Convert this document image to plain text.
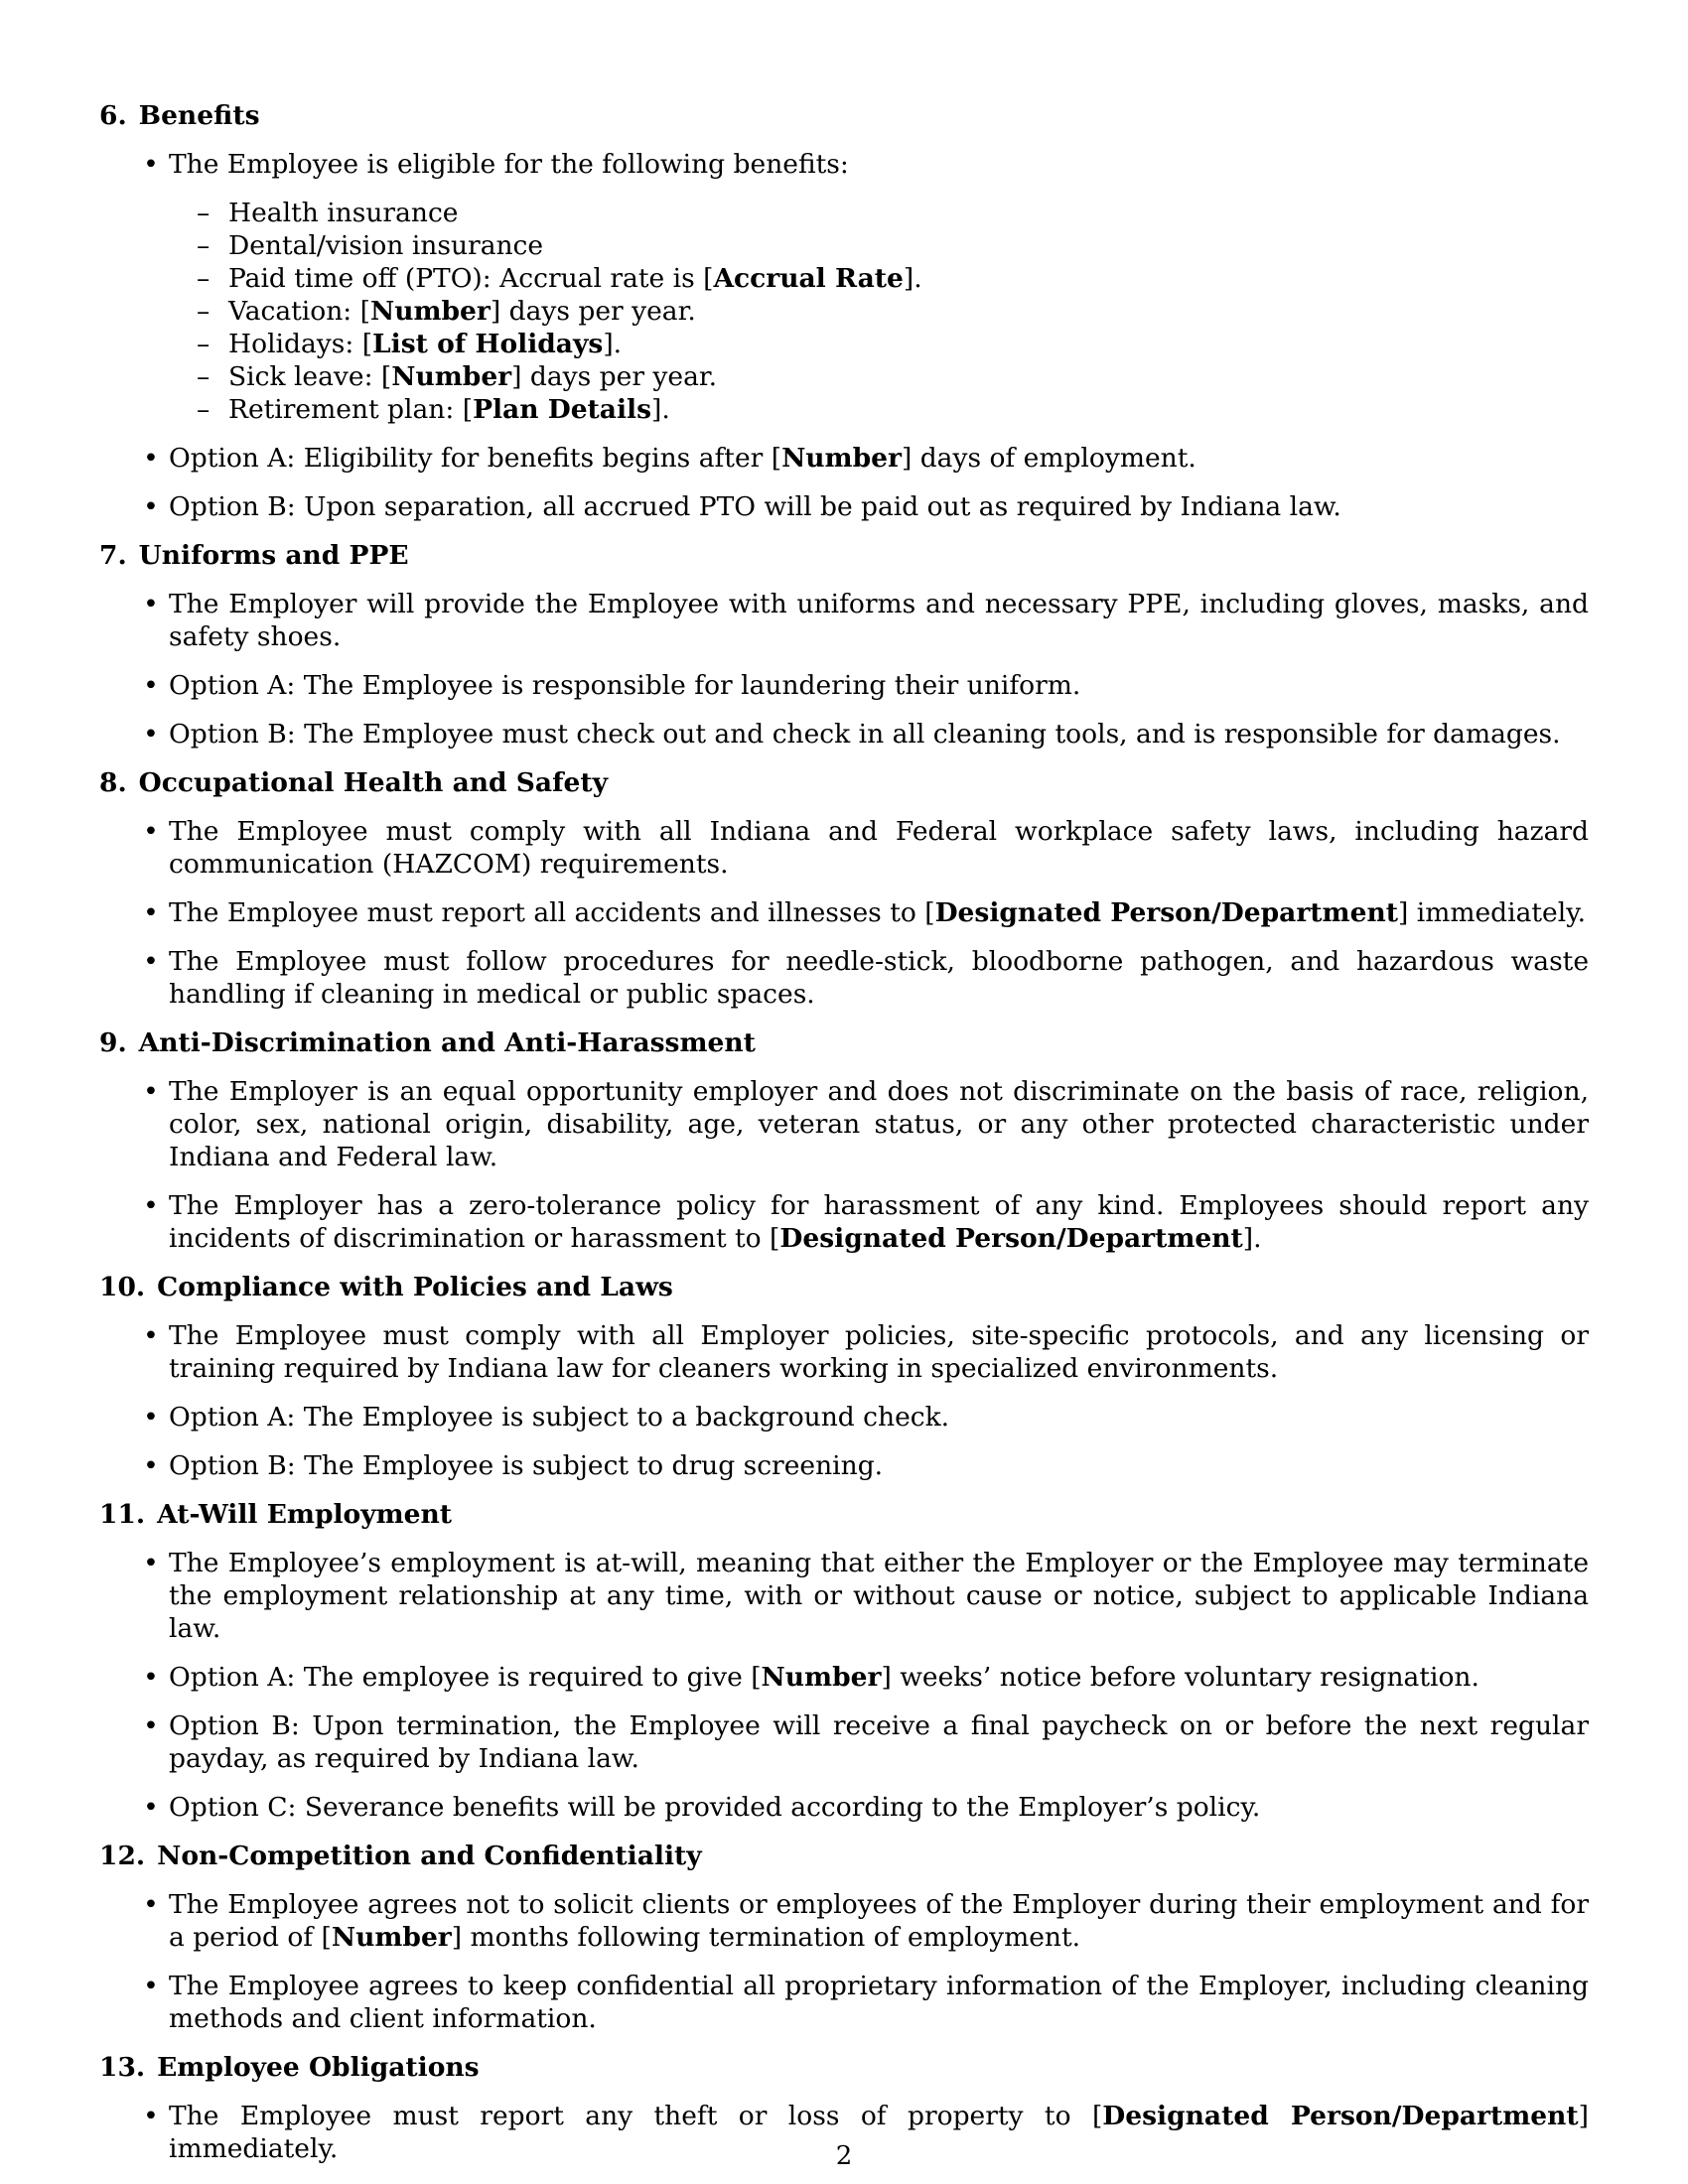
6. Benefits
• The Employee is eligible for the following benefits:
– Health insurance
– Dental/vision insurance
– Paid time off (PTO): Accrual rate is [Accrual Rate].
– Vacation: [Number] days per year.
– Holidays: [List of Holidays].
– Sick leave: [Number] days per year.
– Retirement plan: [Plan Details].
• Option A: Eligibility for benefits begins after [Number] days of employment.
• Option B: Upon separation, all accrued PTO will be paid out as required by Indiana law.
7. Uniforms and PPE
• The Employer will provide the Employee with uniforms and necessary PPE, including gloves, masks, and safety shoes.
• Option A: The Employee is responsible for laundering their uniform.
• Option B: The Employee must check out and check in all cleaning tools, and is responsible for damages.
8. Occupational Health and Safety
• The Employee must comply with all Indiana and Federal workplace safety laws, including hazard communication (HAZCOM) requirements.
• The Employee must report all accidents and illnesses to [Designated Person/Department] immediately.
• The Employee must follow procedures for needle-stick, bloodborne pathogen, and hazardous waste handling if cleaning in medical or public spaces.
9. Anti-Discrimination and Anti-Harassment
• The Employer is an equal opportunity employer and does not discriminate on the basis of race, religion, color, sex, national origin, disability, age, veteran status, or any other protected characteristic under Indiana and Federal law.
• The Employer has a zero-tolerance policy for harassment of any kind. Employees should report any incidents of discrimination or harassment to [Designated Person/Department].
10. Compliance with Policies and Laws
• The Employee must comply with all Employer policies, site-specific protocols, and any licensing or training required by Indiana law for cleaners working in specialized environments.
• Option A: The Employee is subject to a background check.
• Option B: The Employee is subject to drug screening.
11. At-Will Employment
• The Employee’s employment is at-will, meaning that either the Employer or the Employee may terminate the employment relationship at any time, with or without cause or notice, subject to applicable Indiana law.
• Option A: The employee is required to give [Number] weeks’ notice before voluntary resignation.
• Option B: Upon termination, the Employee will receive a final paycheck on or before the next regular payday, as required by Indiana law.
• Option C: Severance benefits will be provided according to the Employer’s policy.
12. Non-Competition and Confidentiality
• The Employee agrees not to solicit clients or employees of the Employer during their employment and for a period of [Number] months following termination of employment.
• The Employee agrees to keep confidential all proprietary information of the Employer, including cleaning methods and client information.
13. Employee Obligations
• The Employee must report any theft or loss of property to [Designated Person/Department] immediately.	2
